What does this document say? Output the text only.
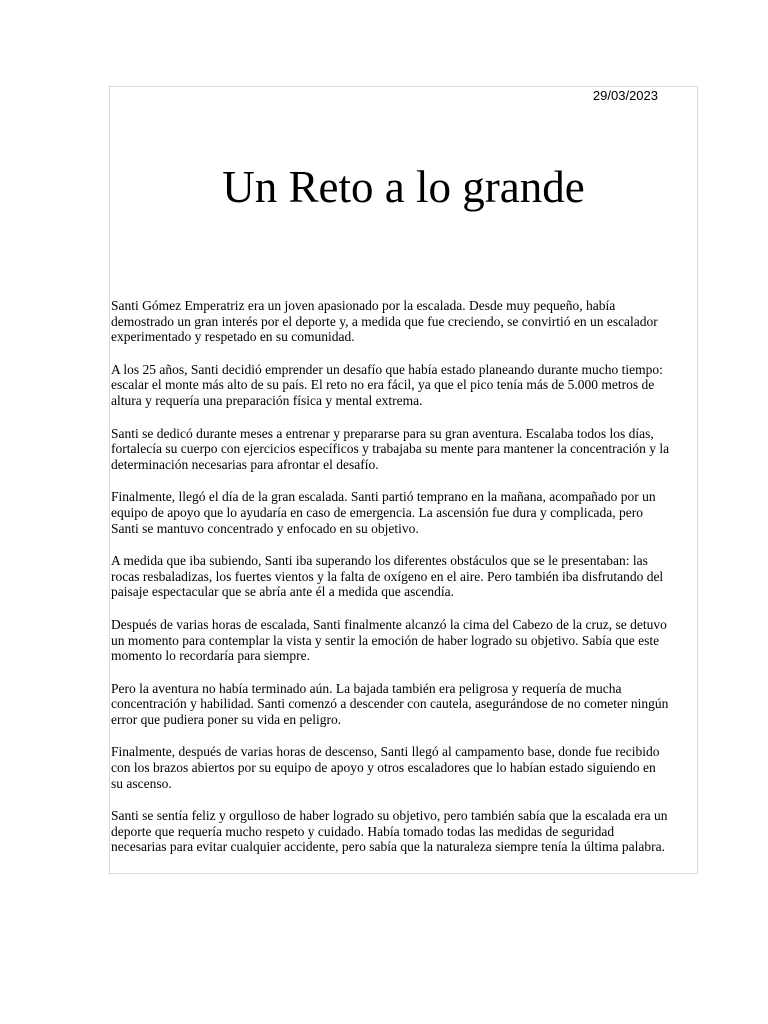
29/03/2023

Un Reto a lo grande

Santi Gómez Emperatriz era un joven apasionado por la escalada. Desde muy pequeño, había demostrado un gran interés por el deporte y, a medida que fue creciendo, se convirtió en un escalador experimentado y respetado en su comunidad.

A los 25 años, Santi decidió emprender un desafío que había estado planeando durante mucho tiempo: escalar el monte más alto de su país. El reto no era fácil, ya que el pico tenía más de 5.000 metros de altura y requería una preparación física y mental extrema.

Santi se dedicó durante meses a entrenar y prepararse para su gran aventura. Escalaba todos los días, fortalecía su cuerpo con ejercicios específicos y trabajaba su mente para mantener la concentración y la determinación necesarias para afrontar el desafío.

Finalmente, llegó el día de la gran escalada. Santi partió temprano en la mañana, acompañado por un equipo de apoyo que lo ayudaría en caso de emergencia. La ascensión fue dura y complicada, pero Santi se mantuvo concentrado y enfocado en su objetivo.

A medida que iba subiendo, Santi iba superando los diferentes obstáculos que se le presentaban: las rocas resbaladizas, los fuertes vientos y la falta de oxígeno en el aire. Pero también iba disfrutando del paisaje espectacular que se abría ante él a medida que ascendía.

Después de varias horas de escalada, Santi finalmente alcanzó la cima del Cabezo de la cruz, se detuvo un momento para contemplar la vista y sentir la emoción de haber logrado su objetivo. Sabía que este momento lo recordaría para siempre.

Pero la aventura no había terminado aún. La bajada también era peligrosa y requería de mucha concentración y habilidad. Santi comenzó a descender con cautela, asegurándose de no cometer ningún error que pudiera poner su vida en peligro.

Finalmente, después de varias horas de descenso, Santi llegó al campamento base, donde fue recibido con los brazos abiertos por su equipo de apoyo y otros escaladores que lo habían estado siguiendo en su ascenso.

Santi se sentía feliz y orgulloso de haber logrado su objetivo, pero también sabía que la escalada era un deporte que requería mucho respeto y cuidado. Había tomado todas las medidas de seguridad necesarias para evitar cualquier accidente, pero sabía que la naturaleza siempre tenía la última palabra.
